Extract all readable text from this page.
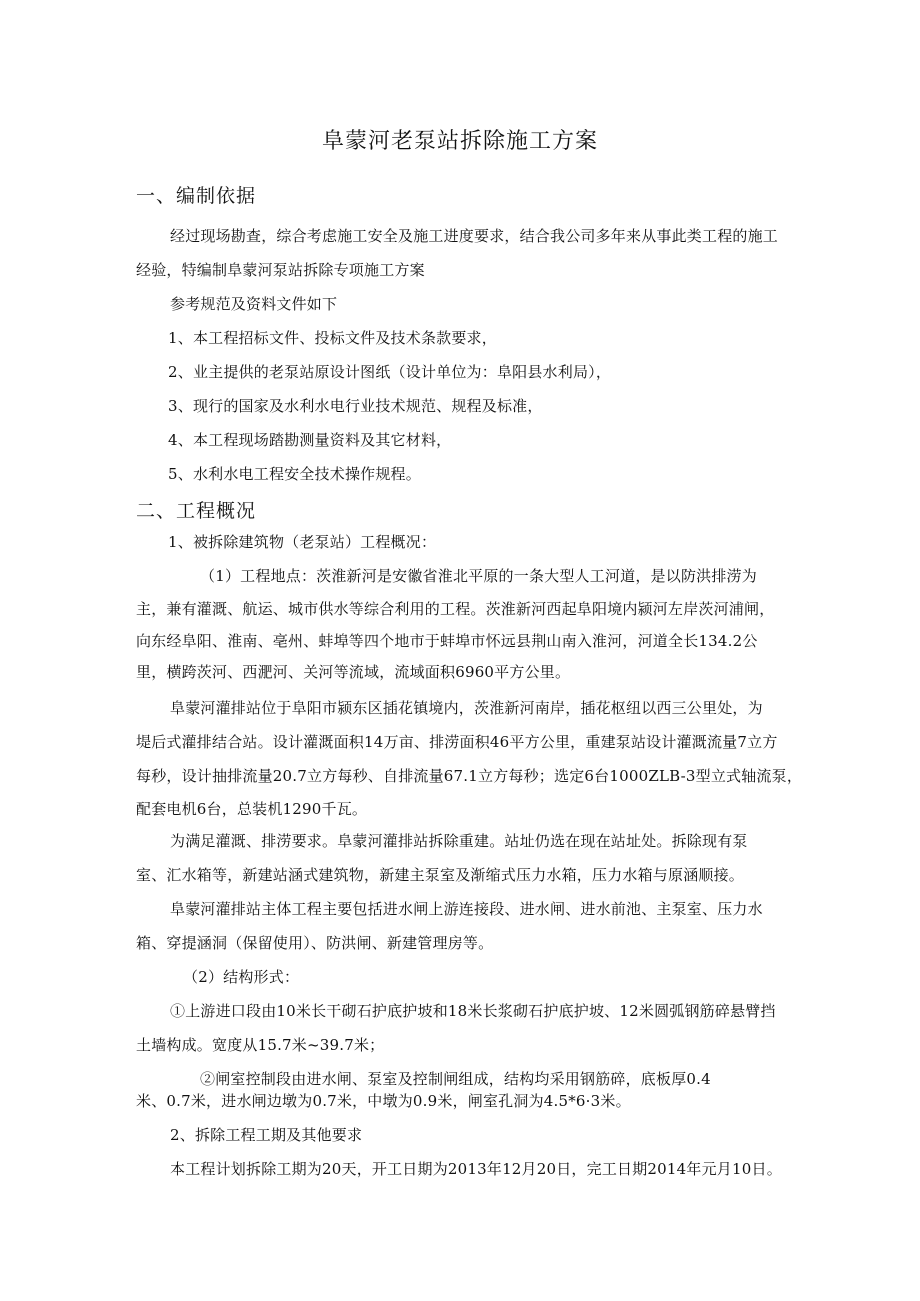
阜蒙河老泵站拆除施工方案
一、编制依据
经过现场勘查，综合考虑施工安全及施工进度要求，结合我公司多年来从事此类工程的施工
经验，特编制阜蒙河泵站拆除专项施工方案
参考规范及资料文件如下
1、本工程招标文件、投标文件及技术条款要求，
2、业主提供的老泵站原设计图纸（设计单位为：阜阳县水利局），
3、现行的国家及水利水电行业技术规范、规程及标准，
4、本工程现场踏勘测量资料及其它材料，
5、水利水电工程安全技术操作规程。
二、工程概况
1、被拆除建筑物（老泵站）工程概况：
（1）工程地点：茨淮新河是安徽省淮北平原的一条大型人工河道，是以防洪排涝为
主，兼有灌溉、航运、城市供水等综合利用的工程。茨淮新河西起阜阳境内颍河左岸茨河浦闸，
向东经阜阳、淮南、亳州、蚌埠等四个地市于蚌埠市怀远县荆山南入淮河，河道全长134.2公
里，横跨茨河、西淝河、关河等流域，流域面积6960平方公里。
阜蒙河灌排站位于阜阳市颍东区插花镇境内，茨淮新河南岸，插花枢纽以西三公里处，为
堤后式灌排结合站。设计灌溉面积14万亩、排涝面积46平方公里，重建泵站设计灌溉流量7立方
每秒，设计抽排流量20.7立方每秒、自排流量67.1立方每秒；选定6台1000ZLB-3型立式轴流泵，
配套电机6台，总装机1290千瓦。
为满足灌溉、排涝要求。阜蒙河灌排站拆除重建。站址仍选在现在站址处。拆除现有泵
室、汇水箱等，新建站涵式建筑物，新建主泵室及渐缩式压力水箱，压力水箱与原涵顺接。
阜蒙河灌排站主体工程主要包括进水闸上游连接段、进水闸、进水前池、主泵室、压力水
箱、穿提涵洞（保留使用）、防洪闸、新建管理房等。
（2）结构形式：
①上游进口段由10米长干砌石护底护坡和18米长浆砌石护底护坡、12米圆弧钢筋碎悬臂挡
土墙构成。宽度从15.7米~39.7米；
②闸室控制段由进水闸、泵室及控制闸组成，结构均采用钢筋碎，底板厚0.4
米、0.7米，进水闸边墩为0.7米，中墩为0.9米，闸室孔洞为4.5*6·3米。
2、拆除工程工期及其他要求
本工程计划拆除工期为20天，开工日期为2013年12月20日，完工日期2014年元月10日。
